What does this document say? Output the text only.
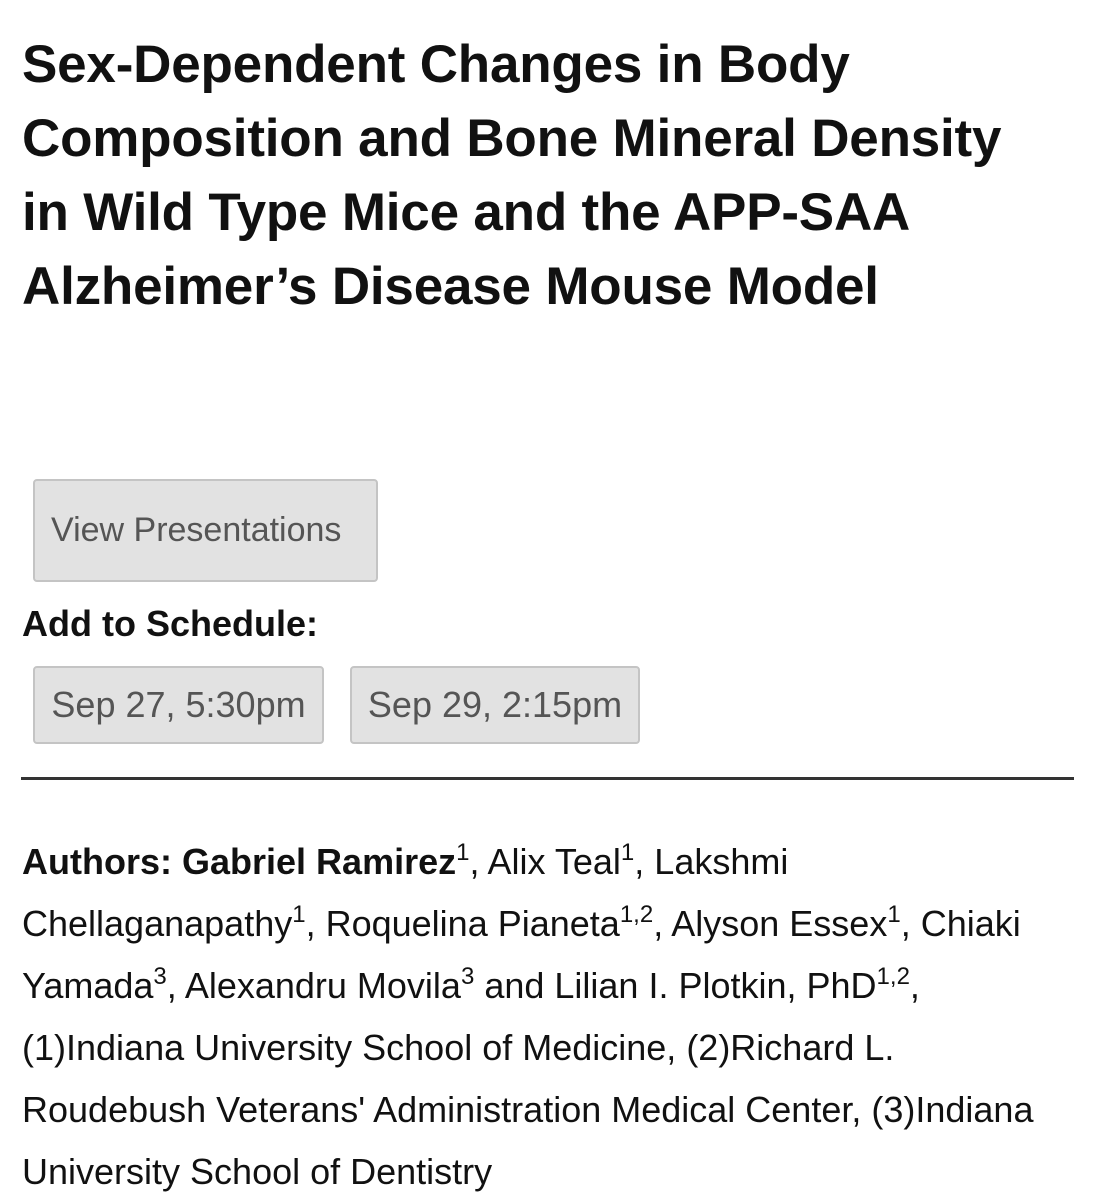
Sex-Dependent Changes in Body Composition and Bone Mineral Density in Wild Type Mice and the APP-SAA Alzheimer’s Disease Mouse Model
View Presentations
Add to Schedule:
Sep 27, 5:30pm	Sep 29, 2:15pm

Authors: Gabriel Ramirez$^1$, Alix Teal$^1$, Lakshmi Chellaganapathy$^1$, Roquelina Pianeta$^{1,2}$, Alyson Essex$^1$, Chiaki Yamada$^3$, Alexandru Movila$^3$ and Lilian I. Plotkin, PhD$^{1,2}$, (1)Indiana University School of Medicine, (2)Richard L. Roudebush Veterans' Administration Medical Center, (3)Indiana University School of Dentistry
